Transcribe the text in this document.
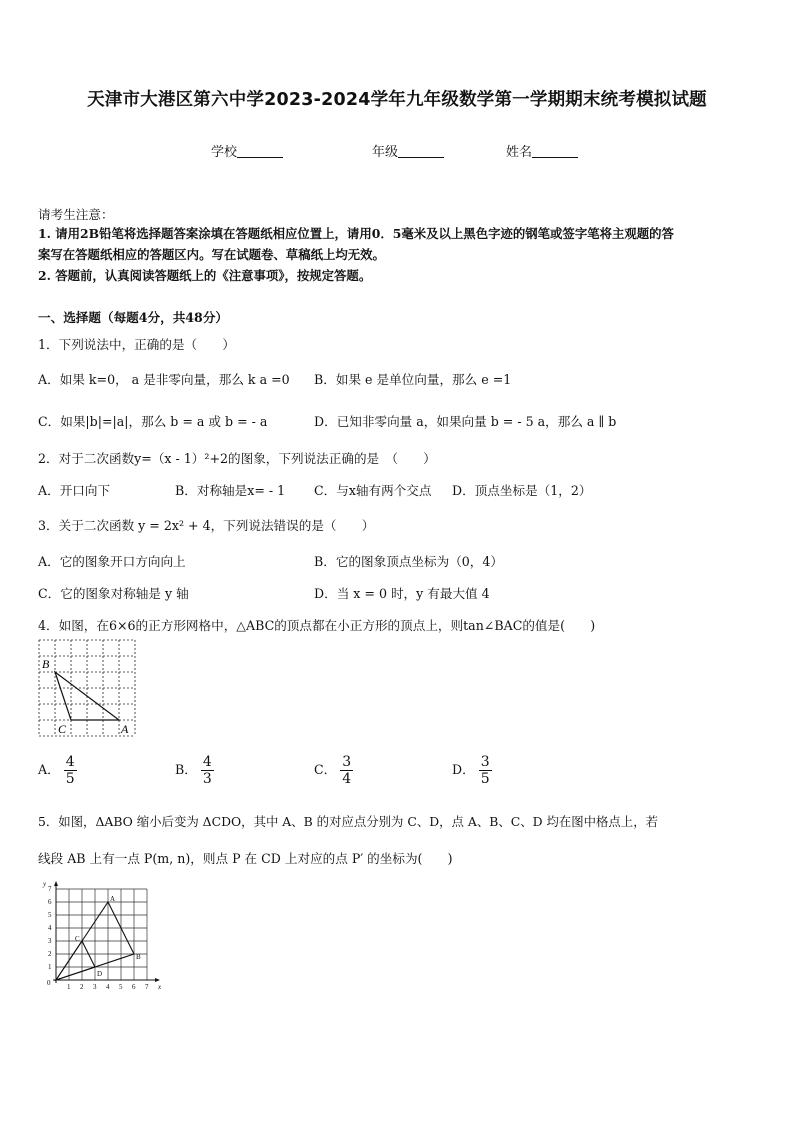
天津市大港区第六中学2023-2024学年九年级数学第一学期期末统考模拟试题
学校	年级	姓名
请考生注意：
1. 请用2B铅笔将选择题答案涂填在答题纸相应位置上，请用0．5毫米及以上黑色字迹的钢笔或签字笔将主观题的答
案写在答题纸相应的答题区内。写在试题卷、草稿纸上均无效。
2. 答题前，认真阅读答题纸上的《注意事项》，按规定答题。
一、选择题（每题4分，共48分）
1．下列说法中，正确的是（　　）
A．如果 k=0， a 是非零向量，那么 k a =0 B．如果 e 是单位向量，那么 e =1
C．如果|b|=|a|，那么 b = a 或 b = - a	D．已知非零向量 a，如果向量 b = - 5 a，那么 a ∥ b
2．对于二次函数y=（x - 1）²+2的图象，下列说法正确的是　（　　）
A．开口向下	B．对称轴是x= - 1 C．与x轴有两个交点 D．顶点坐标是（1，2）
3．关于二次函数 y = 2x² + 4，下列说法错误的是（　　）
A．它的图象开口方向向上	B．它的图象顶点坐标为（0，4）
C．它的图象对称轴是 y 轴	D．当 x = 0 时，y 有最大值 4
4．如图，在6×6的正方形网格中，△ABC的顶点都在小正方形的顶点上，则tan∠BAC的值是(　　)
B
C	A
A． $\frac{4}{5}$	B． $\frac{4}{3}$	C． $\frac{3}{4}$	D． $\frac{3}{5}$
5．如图，ΔABO 缩小后变为 ΔCDO，其中 A、B 的对应点分别为 C、D，点 A、B、C、D 均在图中格点上，若
线段 AB 上有一点 P(m, n)，则点 P 在 CD 上对应的点 P′ 的坐标为(　　)
0 1 2 3 4 5 6 7 x
1
2
3
4
5
6
7
y
A
B
C
D
